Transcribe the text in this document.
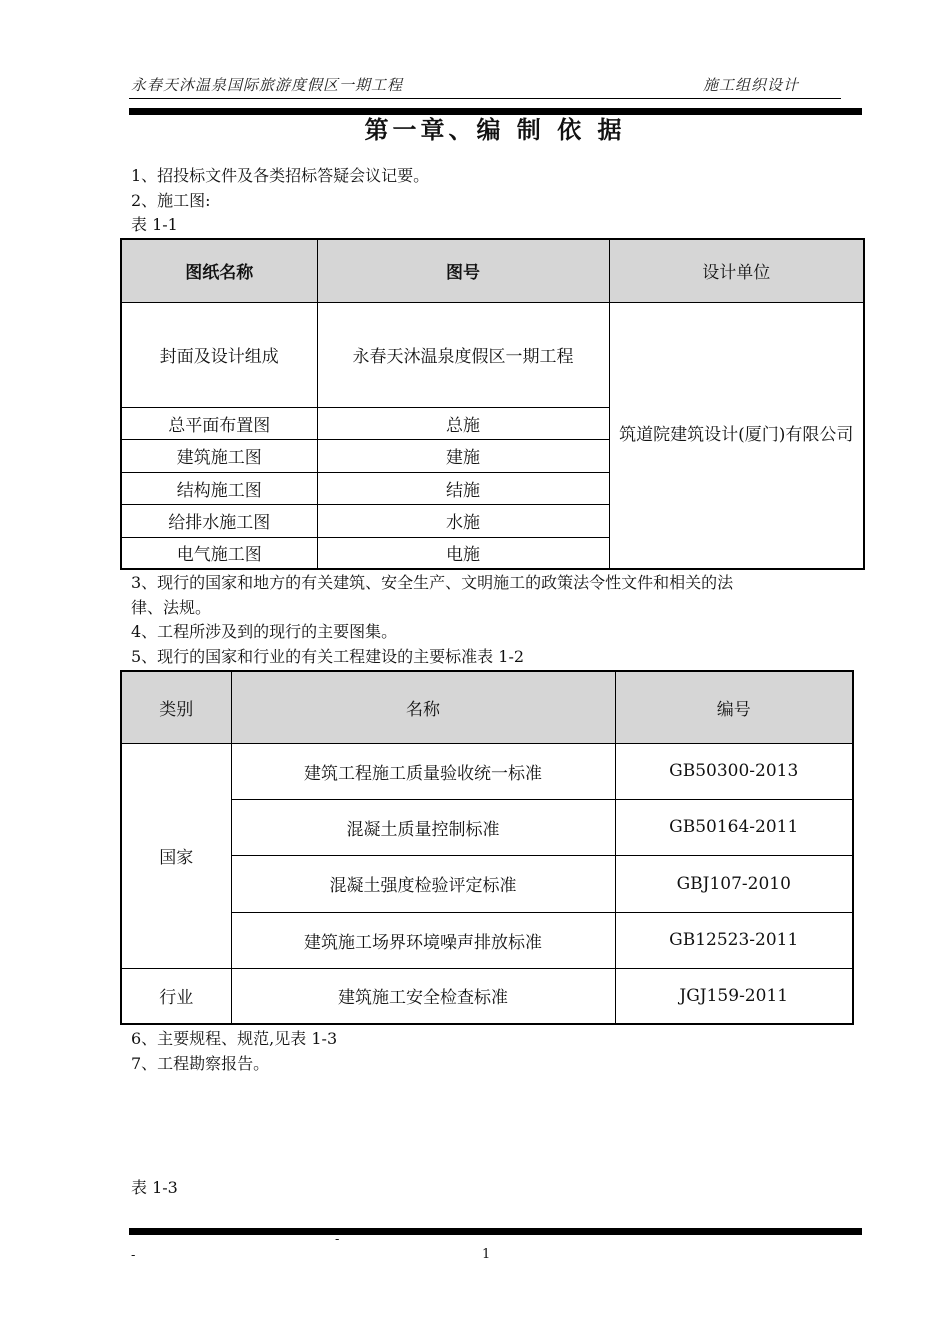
永春天沐温泉国际旅游度假区一期工程	施工组织设计
第一章、编 制 依 据
1、招投标文件及各类招标答疑会议记要。
2、施工图:
表 1-1
图纸名称	图号	设计单位
封面及设计组成	永春天沐温泉度假区一期工程	筑道院建筑设计(厦门)有限公司
总平面布置图	总施	
建筑施工图	建施	
结构施工图	结施	
给排水施工图	水施	
电气施工图	电施	
3、现行的国家和地方的有关建筑、安全生产、文明施工的政策法令性文件和相关的法
律、法规。
4、工程所涉及到的现行的主要图集。
5、现行的国家和行业的有关工程建设的主要标准表 1-2
类别	名称	编号
国家	建筑工程施工质量验收统一标准	GB50300-2013
	混凝土质量控制标准	GB50164-2011
	混凝土强度检验评定标准	GBJ107-2010
	建筑施工场界环境噪声排放标准	GB12523-2011
行业	建筑施工安全检查标准	JGJ159-2011
6、主要规程、规范,见表 1-3
7、工程勘察报告。
表 1-3
-
-	1
